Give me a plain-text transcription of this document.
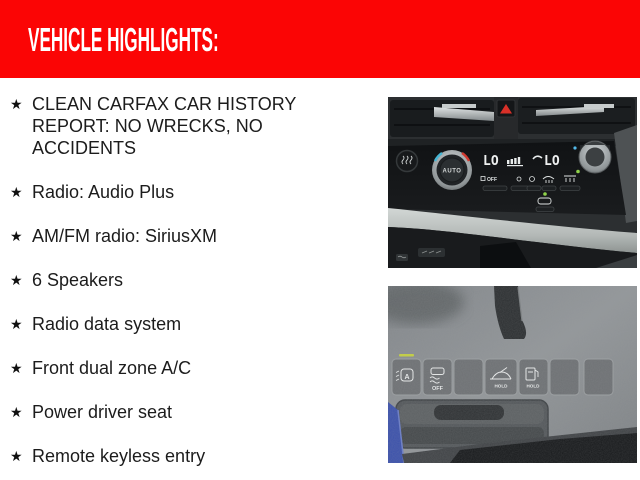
VEHICLE HIGHLIGHTS:
★ CLEAN CARFAX CAR HISTORY REPORT: NO WRECKS, NO ACCIDENTS
★ Radio: Audio Plus
★ AM/FM radio: SiriusXM
★ 6 Speakers
★ Radio data system
★ Front dual zone A/C
★ Power driver seat
★ Remote keyless entry
AUTO
LO	LO
OFF
